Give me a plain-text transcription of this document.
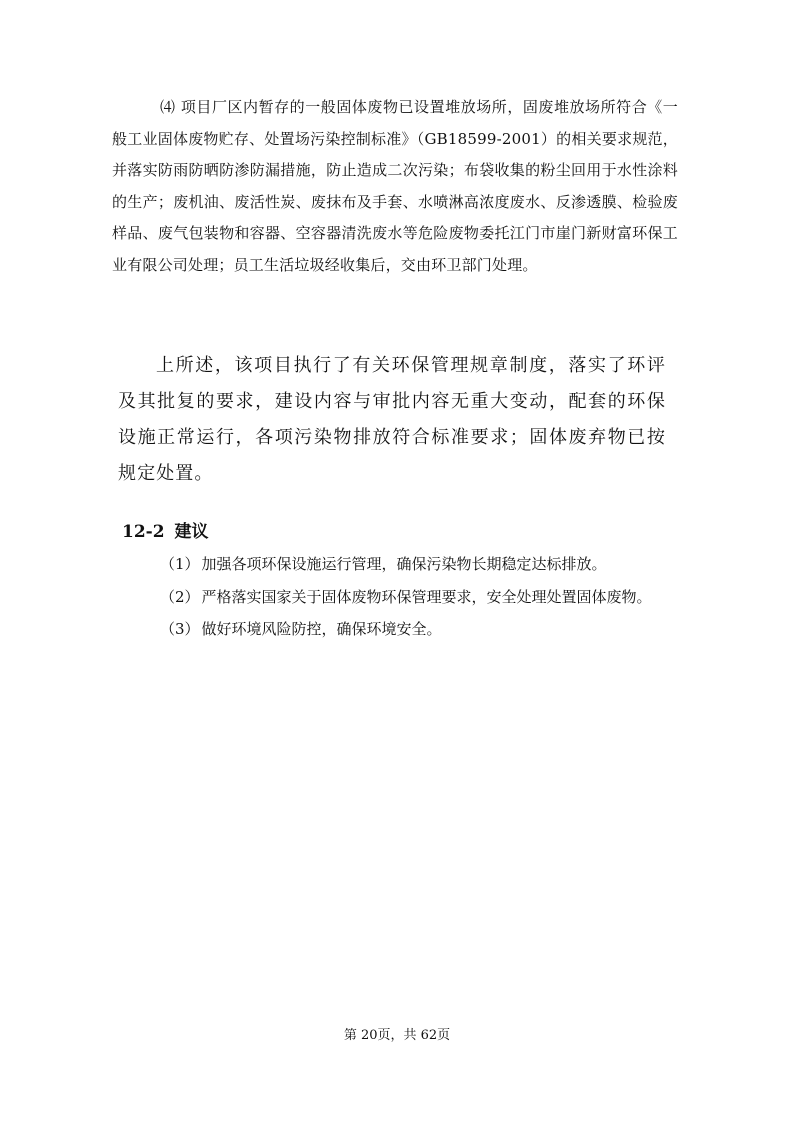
⑷ 项目厂区内暂存的一般固体废物已设置堆放场所，固废堆放场所符合《一般工业固体废物贮存、处置场污染控制标准》（GB18599-2001）的相关要求规范，并落实防雨防晒防渗防漏措施，防止造成二次污染；布袋收集的粉尘回用于水性涂料的生产；废机油、废活性炭、废抹布及手套、水喷淋高浓度废水、反渗透膜、检验废样品、废气包装物和容器、空容器清洗废水等危险废物委托江门市崖门新财富环保工业有限公司处理；员工生活垃圾经收集后，交由环卫部门处理。

上所述，该项目执行了有关环保管理规章制度，落实了环评及其批复的要求，建设内容与审批内容无重大变动，配套的环保设施正常运行，各项污染物排放符合标准要求；固体废弃物已按规定处置。

12-2 建议
（1） 加强各项环保设施运行管理，确保污染物长期稳定达标排放。
（2） 严格落实国家关于固体废物环保管理要求，安全处理处置固体废物。
（3） 做好环境风险防控，确保环境安全。
第 20页，共 62页
